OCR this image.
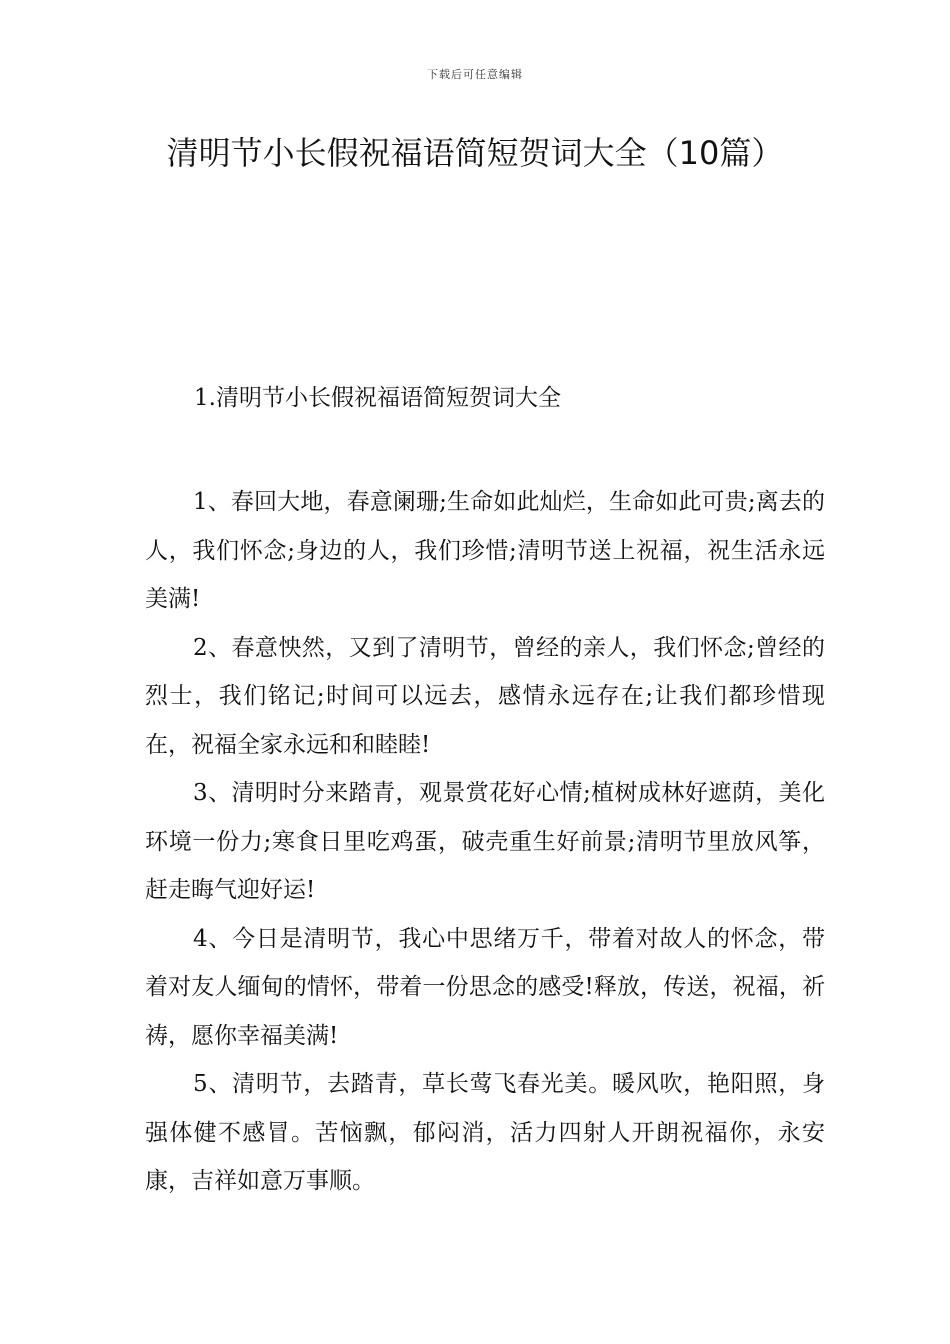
下载后可任意编辑
清明节小长假祝福语简短贺词大全（10篇）
1.清明节小长假祝福语简短贺词大全

1、春回大地，春意阑珊;生命如此灿烂，生命如此可贵;离去的人，我们怀念;身边的人，我们珍惜;清明节送上祝福，祝生活永远美满!

2、春意怏然，又到了清明节，曾经的亲人，我们怀念;曾经的烈士，我们铭记;时间可以远去，感情永远存在;让我们都珍惜现在，祝福全家永远和和睦睦!

3、清明时分来踏青，观景赏花好心情;植树成林好遮荫，美化环境一份力;寒食日里吃鸡蛋，破壳重生好前景;清明节里放风筝，赶走晦气迎好运!

4、今日是清明节，我心中思绪万千，带着对故人的怀念，带着对友人缅甸的情怀，带着一份思念的感受!释放，传送，祝福，祈祷，愿你幸福美满!

5、清明节，去踏青，草长莺飞春光美。暖风吹，艳阳照，身强体健不感冒。苦恼飘，郁闷消，活力四射人开朗祝福你，永安康，吉祥如意万事顺。
